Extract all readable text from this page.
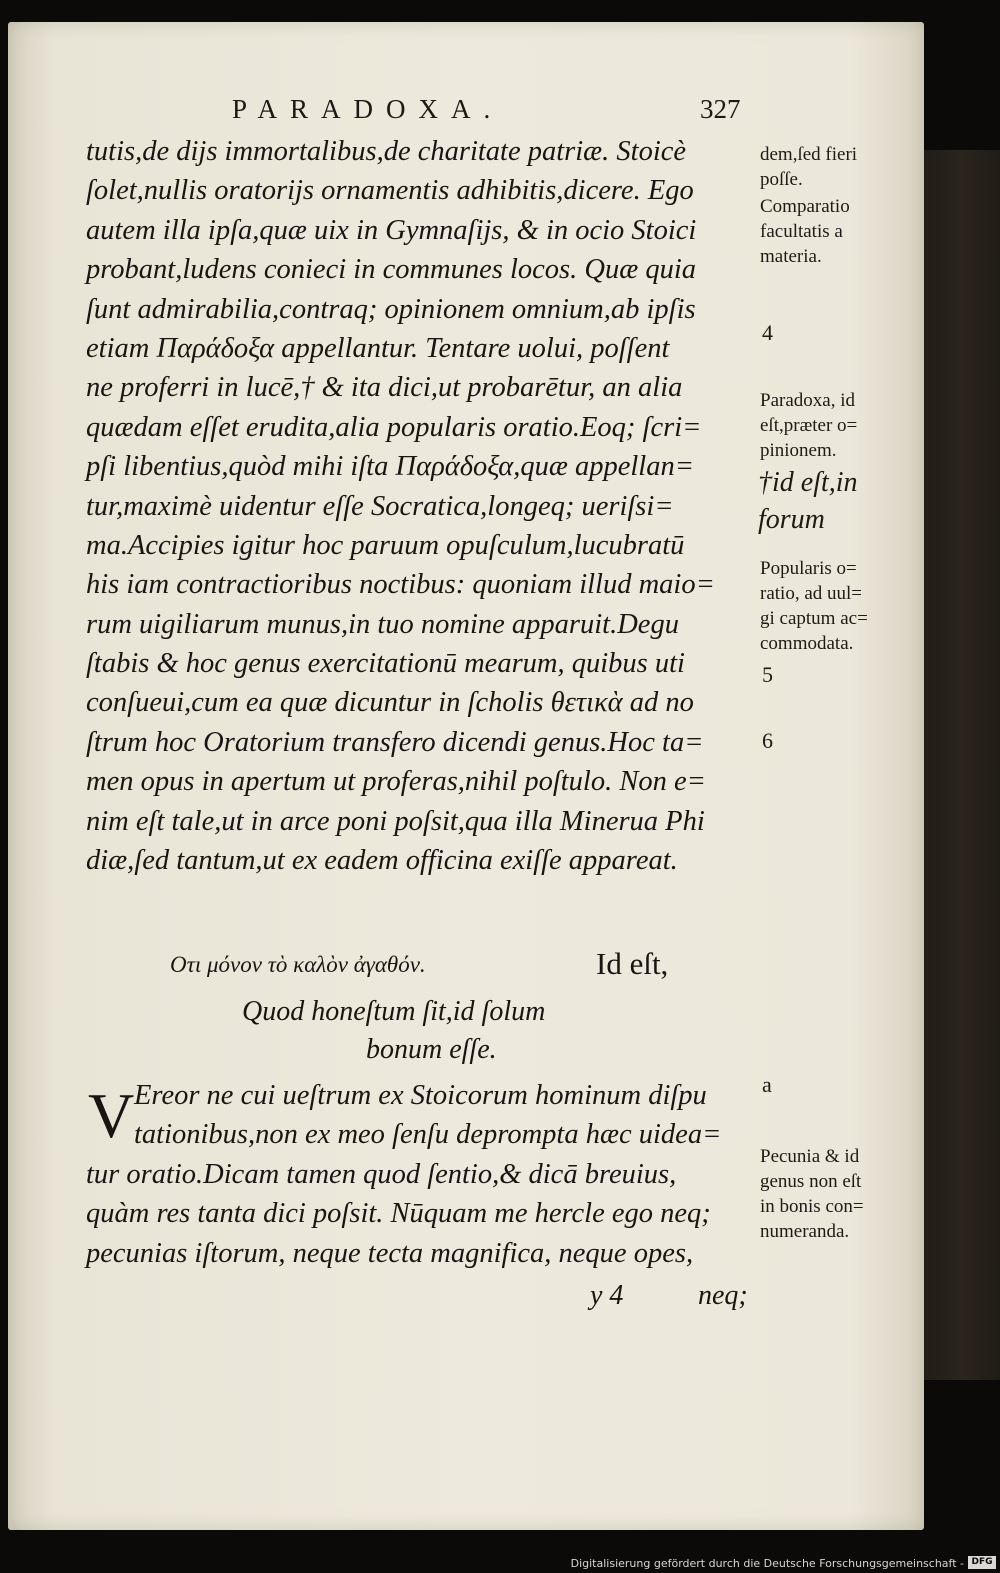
PARADOXA.	327
tutis,de dijs immortalibus,de charitate patriæ. Stoicè
ſolet,nullis oratorijs ornamentis adhibitis,dicere. Ego
autem illa ipſa,quæ uix in Gymnaſijs, & in ocio Stoici
probant,ludens conieci in communes locos. Quæ quia
ſunt admirabilia,contraq; opinionem omnium,ab ipſis
etiam Παράδοξα appellantur. Tentare uolui, poſſent
ne proferri in lucē,† & ita dici,ut probarētur, an alia
quædam eſſet erudita,alia popularis oratio.Eoq; ſcri=
pſi libentius,quòd mihi iſta Παράδοξα,quæ appellan=
tur,maximè uidentur eſſe Socratica,longeq; ueriſsi=
ma.Accipies igitur hoc paruum opuſculum,lucubratū
his iam contractioribus noctibus: quoniam illud maio=
rum uigiliarum munus,in tuo nomine apparuit.Degu
ſtabis & hoc genus exercitationū mearum, quibus uti
conſueui,cum ea quæ dicuntur in ſcholis θετικὰ ad no
ſtrum hoc Oratorium transfero dicendi genus.Hoc ta=
men opus in apertum ut proferas,nihil poſtulo. Non e=
nim eſt tale,ut in arce poni poſsit,qua illa Minerua Phi
diæ,ſed tantum,ut ex eadem officina exiſſe appareat.
Οτι μόνον τὸ καλὸν ἀγαθόν.	Id eſt,
Quod honeſtum ſit,id ſolum
bonum eſſe.
V Ereor ne cui ueſtrum ex Stoicorum hominum diſpu
tationibus,non ex meo ſenſu deprompta hæc uidea=
tur oratio.Dicam tamen quod ſentio,& dicā breuius,
quàm res tanta dici poſsit. Nūquam me hercle ego neq;
pecunias iſtorum, neque tecta magnifica, neque opes,
y 4	neq;
dem,ſed fieri
poſſe.
Comparatio
facultatis a
materia.
4
Paradoxa, id
eſt,præter o=
pinionem.
†id eſt,in
forum
Popularis o=
ratio, ad uul=
gi captum ac=
commodata.
5
6
a
Pecunia & id
genus non eſt
in bonis con=
numeranda.
Digitalisierung gefördert durch die Deutsche Forschungsgemeinschaft - DFG
